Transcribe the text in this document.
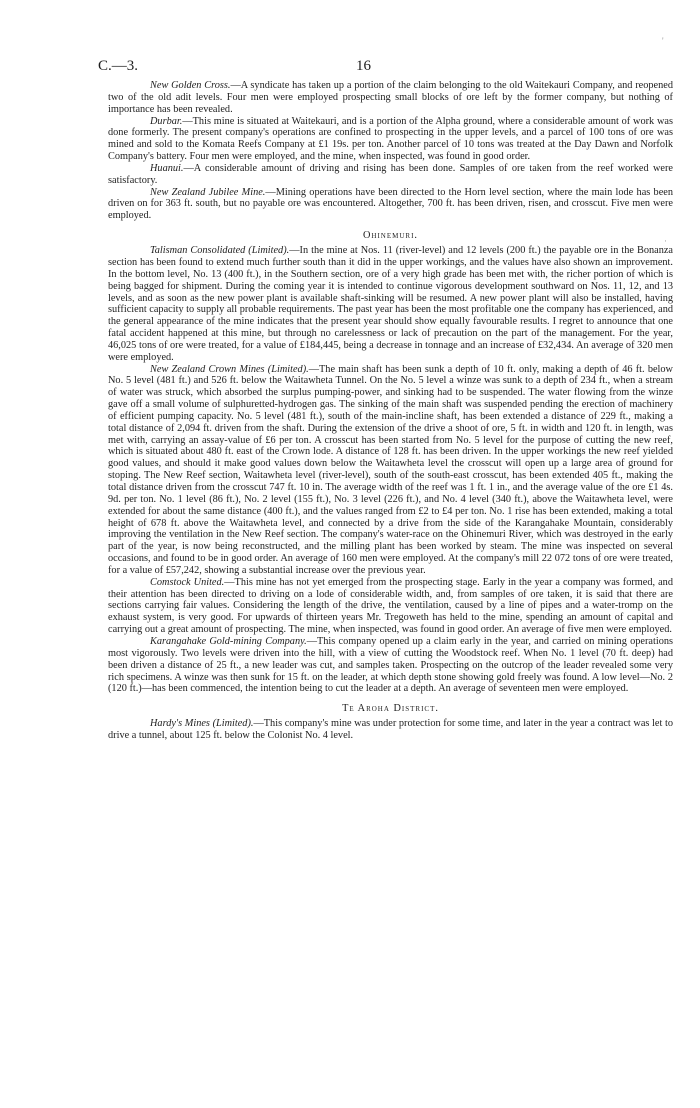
C.—3.	16
'
·

New Golden Cross.—A syndicate has taken up a portion of the claim belonging to the old Waitekauri Company, and reopened two of the old adit levels. Four men were employed prospecting small blocks of ore left by the former company, but nothing of importance has been revealed.

Durbar.—This mine is situated at Waitekauri, and is a portion of the Alpha ground, where a considerable amount of work was done formerly. The present company's operations are confined to prospecting in the upper levels, and a parcel of 100 tons of ore was mined and sold to the Komata Reefs Company at £1 19s. per ton. Another parcel of 10 tons was treated at the Day Dawn and Norfolk Company's battery. Four men were employed, and the mine, when inspected, was found in good order.

Huanui.—A considerable amount of driving and rising has been done. Samples of ore taken from the reef worked were satisfactory.

New Zealand Jubilee Mine.—Mining operations have been directed to the Horn level section, where the main lode has been driven on for 363 ft. south, but no payable ore was encountered. Altogether, 700 ft. has been driven, risen, and crosscut. Five men were employed.

Ohinemuri.

Talisman Consolidated (Limited).—In the mine at Nos. 11 (river-level) and 12 levels (200 ft.) the payable ore in the Bonanza section has been found to extend much further south than it did in the upper workings, and the values have also shown an improvement. In the bottom level, No. 13 (400 ft.), in the Southern section, ore of a very high grade has been met with, the richer portion of which is being bagged for shipment. During the coming year it is intended to continue vigorous development southward on Nos. 11, 12, and 13 levels, and as soon as the new power plant is available shaft-sinking will be resumed. A new power plant will also be installed, having sufficient capacity to supply all probable requirements. The past year has been the most profitable one the company has experienced, and the general appearance of the mine indicates that the present year should show equally favourable results. I regret to announce that one fatal accident happened at this mine, but through no carelessness or lack of precaution on the part of the management. For the year, 46,025 tons of ore were treated, for a value of £184,445, being a decrease in tonnage and an increase of £32,434. An average of 320 men were employed.

New Zealand Crown Mines (Limited).—The main shaft has been sunk a depth of 10 ft. only, making a depth of 46 ft. below No. 5 level (481 ft.) and 526 ft. below the Waitawheta Tunnel. On the No. 5 level a winze was sunk to a depth of 234 ft., when a stream of water was struck, which absorbed the surplus pumping-power, and sinking had to be suspended. The water flowing from the winze gave off a small volume of sulphuretted-hydrogen gas. The sinking of the main shaft was suspended pending the erection of machinery of efficient pumping capacity. No. 5 level (481 ft.), south of the main-incline shaft, has been extended a distance of 229 ft., making a total distance of 2,094 ft. driven from the shaft. During the extension of the drive a shoot of ore, 5 ft. in width and 120 ft. in length, was met with, carrying an assay-value of £6 per ton. A crosscut has been started from No. 5 level for the purpose of cutting the new reef, which is situated about 480 ft. east of the Crown lode. A distance of 128 ft. has been driven. In the upper workings the new reef yielded good values, and should it make good values down below the Waitawheta level the crosscut will open up a large area of ground for stoping. The New Reef section, Waitawheta level (river-level), south of the south-east crosscut, has been extended 405 ft., making the total distance driven from the crosscut 747 ft. 10 in. The average width of the reef was 1 ft. 1 in., and the average value of the ore £1 4s. 9d. per ton. No. 1 level (86 ft.), No. 2 level (155 ft.), No. 3 level (226 ft.), and No. 4 level (340 ft.), above the Waitawheta level, were extended for about the same distance (400 ft.), and the values ranged from £2 to £4 per ton. No. 1 rise has been extended, making a total height of 678 ft. above the Waitawheta level, and connected by a drive from the side of the Karangahake Mountain, considerably improving the ventilation in the New Reef section. The company's water-race on the Ohinemuri River, which was destroyed in the early part of the year, is now being reconstructed, and the milling plant has been worked by steam. The mine was inspected on several occasions, and found to be in good order. An average of 160 men were employed. At the company's mill 22 072 tons of ore were treated, for a value of £57,242, showing a substantial increase over the previous year.

Comstock United.—This mine has not yet emerged from the prospecting stage. Early in the year a company was formed, and their attention has been directed to driving on a lode of considerable width, and, from samples of ore taken, it is said that there are sections carrying fair values. Considering the length of the drive, the ventilation, caused by a line of pipes and a water-tromp on the exhaust system, is very good. For upwards of thirteen years Mr. Tregoweth has held to the mine, spending an amount of capital and carrying out a great amount of prospecting. The mine, when inspected, was found in good order. An average of five men were employed.

Karangahake Gold-mining Company.—This company opened up a claim early in the year, and carried on mining operations most vigorously. Two levels were driven into the hill, with a view of cutting the Woodstock reef. When No. 1 level (70 ft. deep) had been driven a distance of 25 ft., a new leader was cut, and samples taken. Prospecting on the outcrop of the leader revealed some very rich specimens. A winze was then sunk for 15 ft. on the leader, at which depth stone showing gold freely was found. A low level—No. 2 (120 ft.)—has been commenced, the intention being to cut the leader at a depth. An average of seventeen men were employed.

Te Aroha District.

Hardy's Mines (Limited).—This company's mine was under protection for some time, and later in the year a contract was let to drive a tunnel, about 125 ft. below the Colonist No. 4 level.
